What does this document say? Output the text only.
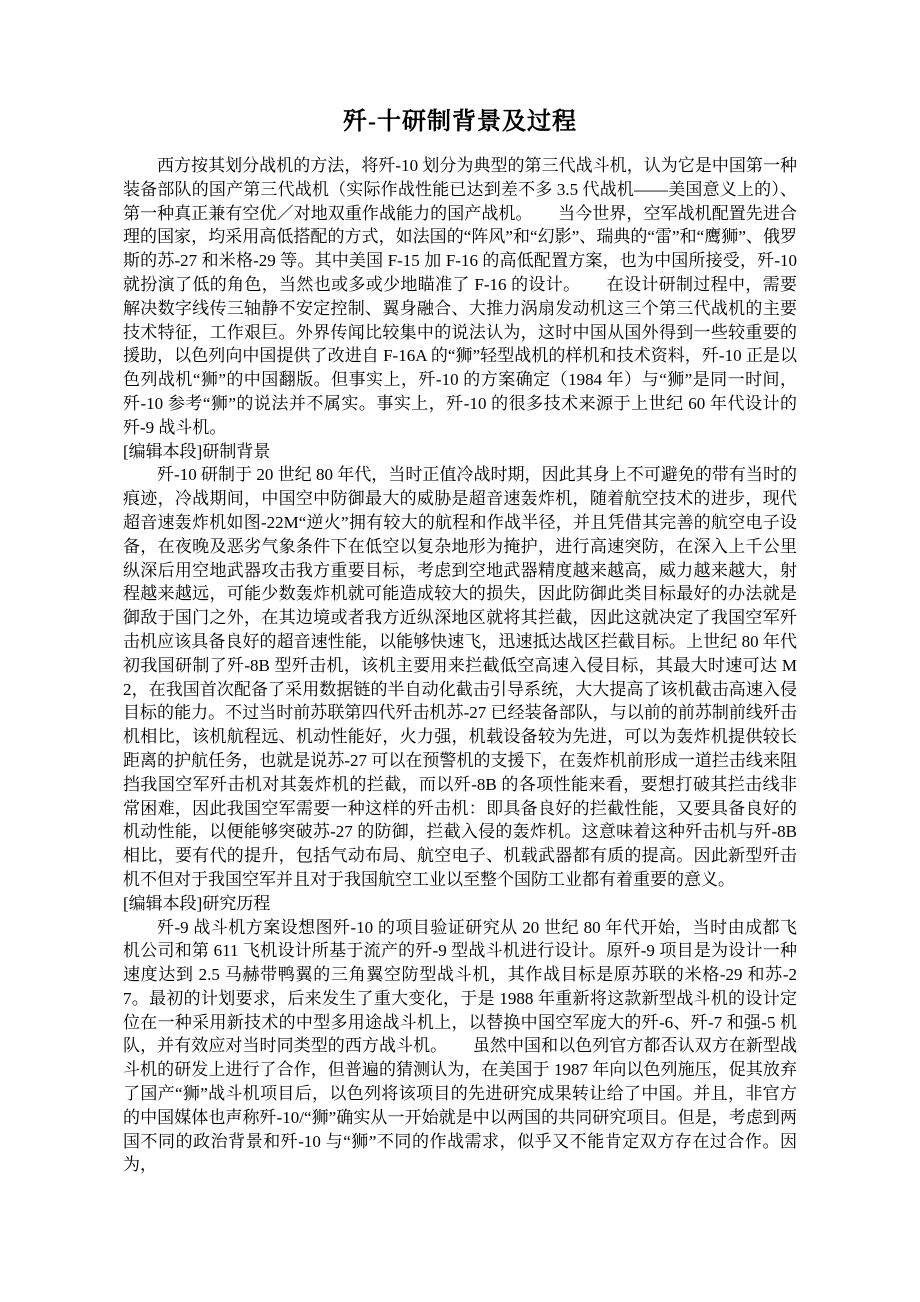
歼-十研制背景及过程

西方按其划分战机的方法，将歼-10 划分为典型的第三代战斗机，认为它是中国第一种装备部队的国产第三代战机（实际作战性能已达到差不多 3.5 代战机——美国意义上的）、第一种真正兼有空优／对地双重作战能力的国产战机。　　当今世界，空军战机配置先进合理的国家，均采用高低搭配的方式，如法国的“阵风”和“幻影”、瑞典的“雷”和“鹰狮”、俄罗斯的苏-27 和米格-29 等。其中美国 F-15 加 F-16 的高低配置方案，也为中国所接受，歼-10 就扮演了低的角色，当然也或多或少地瞄准了 F-16 的设计。　　在设计研制过程中，需要解决数字线传三轴静不安定控制、翼身融合、大推力涡扇发动机这三个第三代战机的主要技术特征，工作艰巨。外界传闻比较集中的说法认为，这时中国从国外得到一些较重要的援助，以色列向中国提供了改进自 F-16A 的“狮”轻型战机的样机和技术资料，歼-10 正是以色列战机“狮”的中国翻版。但事实上，歼-10 的方案确定（1984 年）与“狮”是同一时间，歼-10 参考“狮”的说法并不属实。事实上，歼-10 的很多技术来源于上世纪 60 年代设计的歼-9 战斗机。

[编辑本段]研制背景

歼-10 研制于 20 世纪 80 年代，当时正值冷战时期，因此其身上不可避免的带有当时的痕迹，冷战期间，中国空中防御最大的威胁是超音速轰炸机，随着航空技术的进步，现代超音速轰炸机如图-22M“逆火”拥有较大的航程和作战半径，并且凭借其完善的航空电子设备，在夜晚及恶劣气象条件下在低空以复杂地形为掩护，进行高速突防，在深入上千公里纵深后用空地武器攻击我方重要目标，考虑到空地武器精度越来越高，威力越来越大，射程越来越远，可能少数轰炸机就可能造成较大的损失，因此防御此类目标最好的办法就是御敌于国门之外，在其边境或者我方近纵深地区就将其拦截，因此这就决定了我国空军歼击机应该具备良好的超音速性能，以能够快速飞，迅速抵达战区拦截目标。上世纪 80 年代初我国研制了歼-8B 型歼击机，该机主要用来拦截低空高速入侵目标，其最大时速可达 M2，在我国首次配备了采用数据链的半自动化截击引导系统，大大提高了该机截击高速入侵目标的能力。不过当时前苏联第四代歼击机苏-27 已经装备部队，与以前的前苏制前线歼击机相比，该机航程远、机动性能好，火力强，机载设备较为先进，可以为轰炸机提供较长距离的护航任务，也就是说苏-27 可以在预警机的支援下，在轰炸机前形成一道拦击线来阻挡我国空军歼击机对其轰炸机的拦截，而以歼-8B 的各项性能来看，要想打破其拦击线非常困难，因此我国空军需要一种这样的歼击机：即具备良好的拦截性能，又要具备良好的机动性能，以便能够突破苏-27 的防御，拦截入侵的轰炸机。这意味着这种歼击机与歼-8B 相比，要有代的提升，包括气动布局、航空电子、机载武器都有质的提高。因此新型歼击机不但对于我国空军并且对于我国航空工业以至整个国防工业都有着重要的意义。

[编辑本段]研究历程

歼-9 战斗机方案设想图歼-10 的项目验证研究从 20 世纪 80 年代开始，当时由成都飞机公司和第 611 飞机设计所基于流产的歼-9 型战斗机进行设计。原歼-9 项目是为设计一种速度达到 2.5 马赫带鸭翼的三角翼空防型战斗机，其作战目标是原苏联的米格-29 和苏-27。最初的计划要求，后来发生了重大变化，于是 1988 年重新将这款新型战斗机的设计定位在一种采用新技术的中型多用途战斗机上，以替换中国空军庞大的歼-6、歼-7 和强-5 机队，并有效应对当时同类型的西方战斗机。　　虽然中国和以色列官方都否认双方在新型战斗机的研发上进行了合作，但普遍的猜测认为，在美国于 1987 年向以色列施压，促其放弃了国产“狮”战斗机项目后，以色列将该项目的先进研究成果转让给了中国。并且，非官方的中国媒体也声称歼-10/“狮”确实从一开始就是中以两国的共同研究项目。但是，考虑到两国不同的政治背景和歼-10 与“狮”不同的作战需求，似乎又不能肯定双方存在过合作。因为，
